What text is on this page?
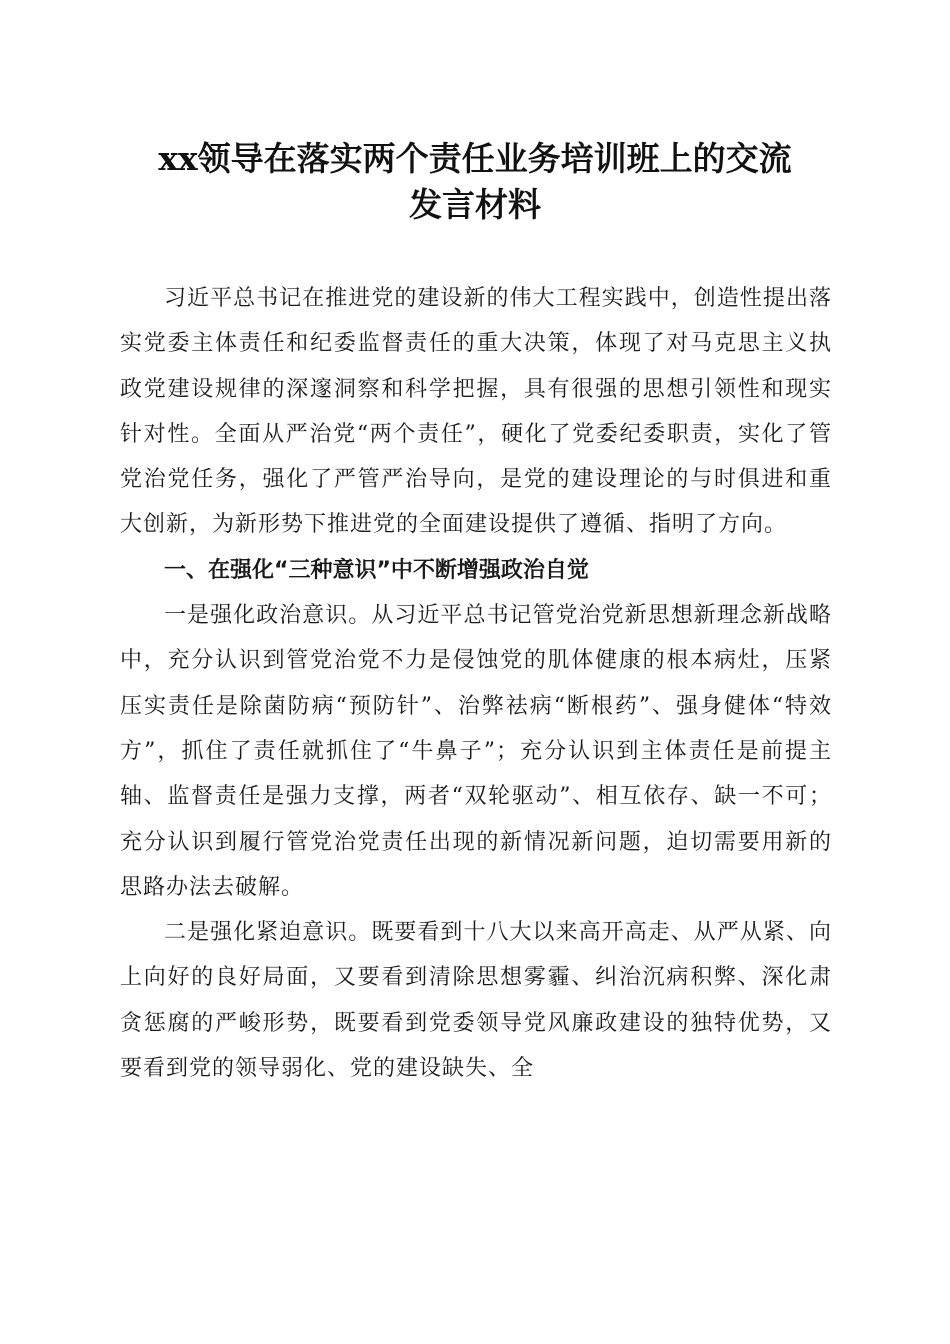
xx领导在落实两个责任业务培训班上的交流
发言材料

习近平总书记在推进党的建设新的伟大工程实践中，创造性提出落实党委主体责任和纪委监督责任的重大决策，体现了对马克思主义执政党建设规律的深邃洞察和科学把握，具有很强的思想引领性和现实针对性。全面从严治党“两个责任”，硬化了党委纪委职责，实化了管党治党任务，强化了严管严治导向，是党的建设理论的与时俱进和重大创新，为新形势下推进党的全面建设提供了遵循、指明了方向。

一、在强化“三种意识”中不断增强政治自觉

一是强化政治意识。从习近平总书记管党治党新思想新理念新战略中，充分认识到管党治党不力是侵蚀党的肌体健康的根本病灶，压紧压实责任是除菌防病“预防针”、治弊祛病“断根药”、强身健体“特效方”，抓住了责任就抓住了“牛鼻子”；充分认识到主体责任是前提主轴、监督责任是强力支撑，两者“双轮驱动”、相互依存、缺一不可；充分认识到履行管党治党责任出现的新情况新问题，迫切需要用新的思路办法去破解。

二是强化紧迫意识。既要看到十八大以来高开高走、从严从紧、向上向好的良好局面，又要看到清除思想雾霾、纠治沉病积弊、深化肃贪惩腐的严峻形势，既要看到党委领导党风廉政建设的独特优势，又要看到党的领导弱化、党的建设缺失、全
